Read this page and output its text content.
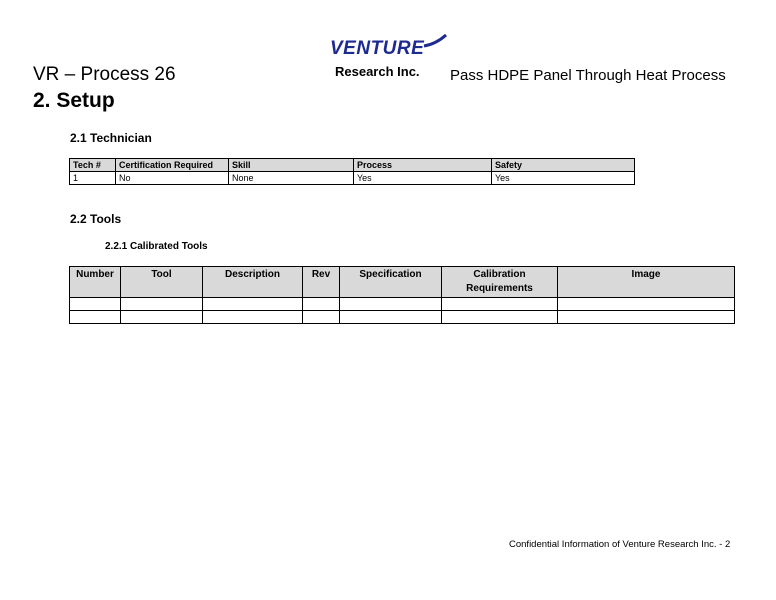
VR – Process 26
VENTURE
Research Inc. Pass HDPE Panel Through Heat Process
2. Setup
2.1 Technician
Tech #	Certification Required	Skill	Process	Safety
1	No	None	Yes	Yes
2.2 Tools
2.2.1 Calibrated Tools
Number	Tool	Description	Rev	Specification	Calibration Requirements	Image

Confidential Information of Venture Research Inc. - 2
